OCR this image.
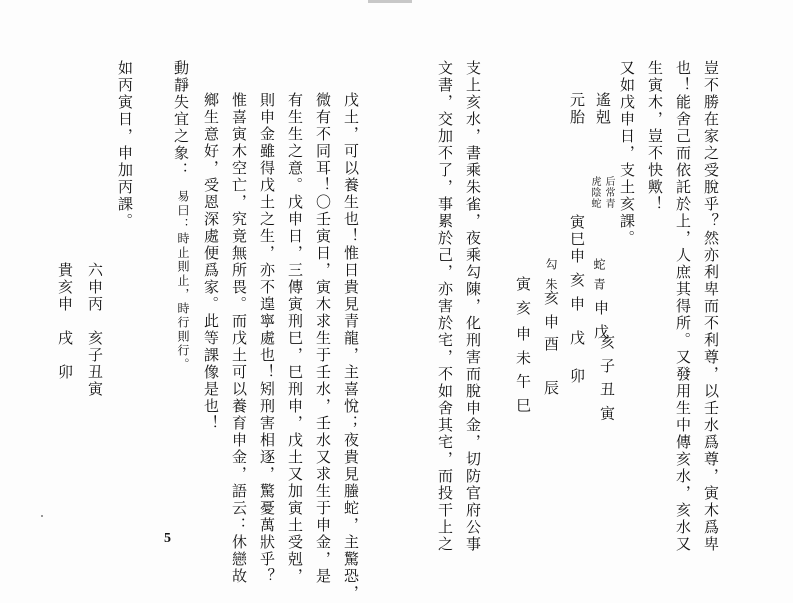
豈不勝在家之受脫乎？然亦利卑而不利尊，以壬水爲尊，寅木爲卑
也！能舍己而依託於上，人庶其得所。又發用生中傳亥水，亥水又
生寅木，豈不快歟！
又如戊申日，支土亥課。
遙剋
元胎
后常青
虎陰蛇
寅巳申
蛇 青
申 戊
亥 申
戊
勾 朱
亥 申
酉
寅 亥
申 未 午 巳	亥 子 丑 寅
卯
辰
支上亥水，書乘朱雀，夜乘勾陳，化刑害而脫申金，切防官府公事
文書，交加不了，事累於己，亦害於宅，不如舍其宅，而投干上之
戊土，可以養生也！惟日貴見青龍，主喜悅；夜貴見螣蛇，主驚恐，
微有不同耳！〇壬寅日，寅木求生于壬水，壬水又求生于申金，是
有生生之意。戊申日，三傳寅刑巳，巳刑申，戊土又加寅土受剋，
則申金雖得戊土之生，亦不遑寧處也！矧刑害相逐，驚憂萬狀乎？
惟喜寅木空亡，究竟無所畏。而戊土可以養育申金，語云：休戀故
鄉生意好，受恩深處便爲家。此等課像是也！
動靜失宜之象：
易曰：時止則止，時行則行。
如丙寅日，申加丙課。
六申丙　亥子丑寅
貴亥申　戌　卯
5
